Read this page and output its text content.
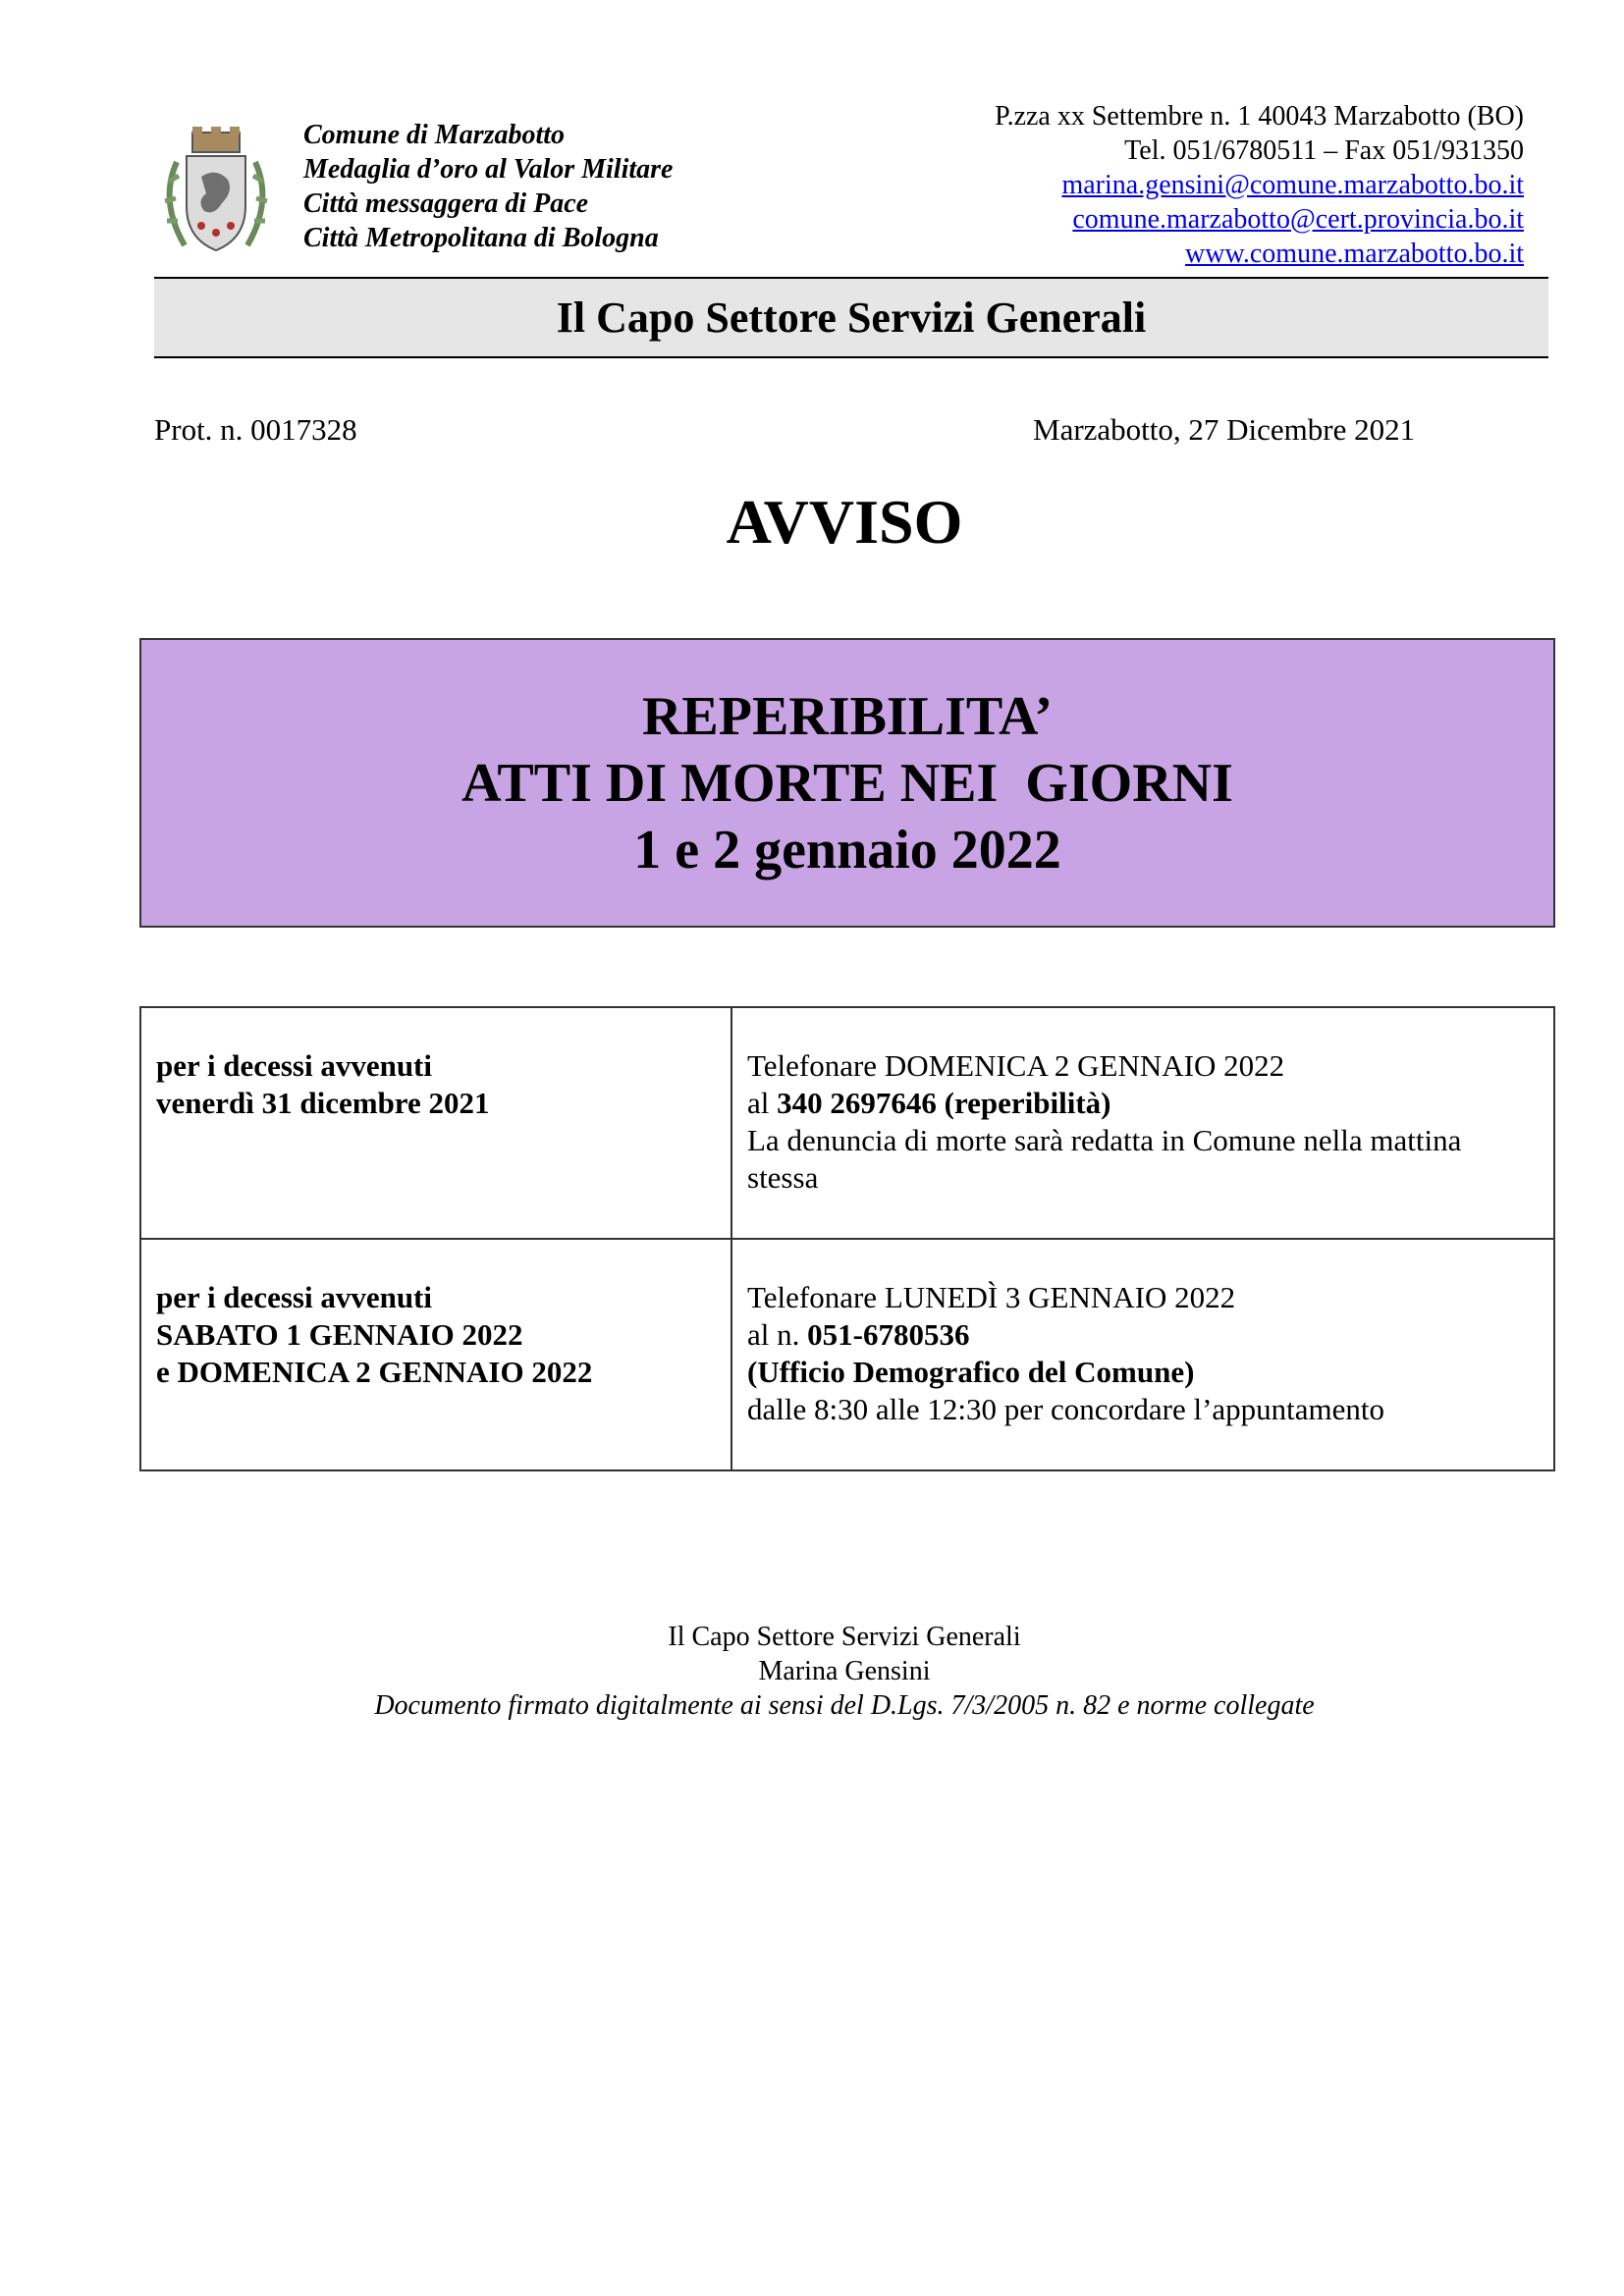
Comune di Marzabotto
Medaglia d’oro al Valor Militare
Città messaggera di Pace
Città Metropolitana di Bologna
P.zza xx Settembre n. 1 40043 Marzabotto (BO)
Tel. 051/6780511 – Fax 051/931350
marina.gensini@comune.marzabotto.bo.it
comune.marzabotto@cert.provincia.bo.it
www.comune.marzabotto.bo.it
Il Capo Settore Servizi Generali
Prot. n. 0017328	Marzabotto, 27 Dicembre 2021
AVVISO
REPERIBILITA’
ATTI DI MORTE NEI  GIORNI
1 e 2 gennaio 2022
per i decessi avvenuti
venerdì 31 dicembre 2021	Telefonare DOMENICA 2 GENNAIO 2022
al 340 2697646 (reperibilità)
La denuncia di morte sarà redatta in Comune nella mattina
stessa

per i decessi avvenuti
SABATO 1 GENNAIO 2022
e DOMENICA 2 GENNAIO 2022	Telefonare LUNEDÌ 3 GENNAIO 2022
al n. 051-6780536
(Ufficio Demografico del Comune)
dalle 8:30 alle 12:30 per concordare l’appuntamento
Il Capo Settore Servizi Generali
Marina Gensini
Documento firmato digitalmente ai sensi del D.Lgs. 7/3/2005 n. 82 e norme collegate
